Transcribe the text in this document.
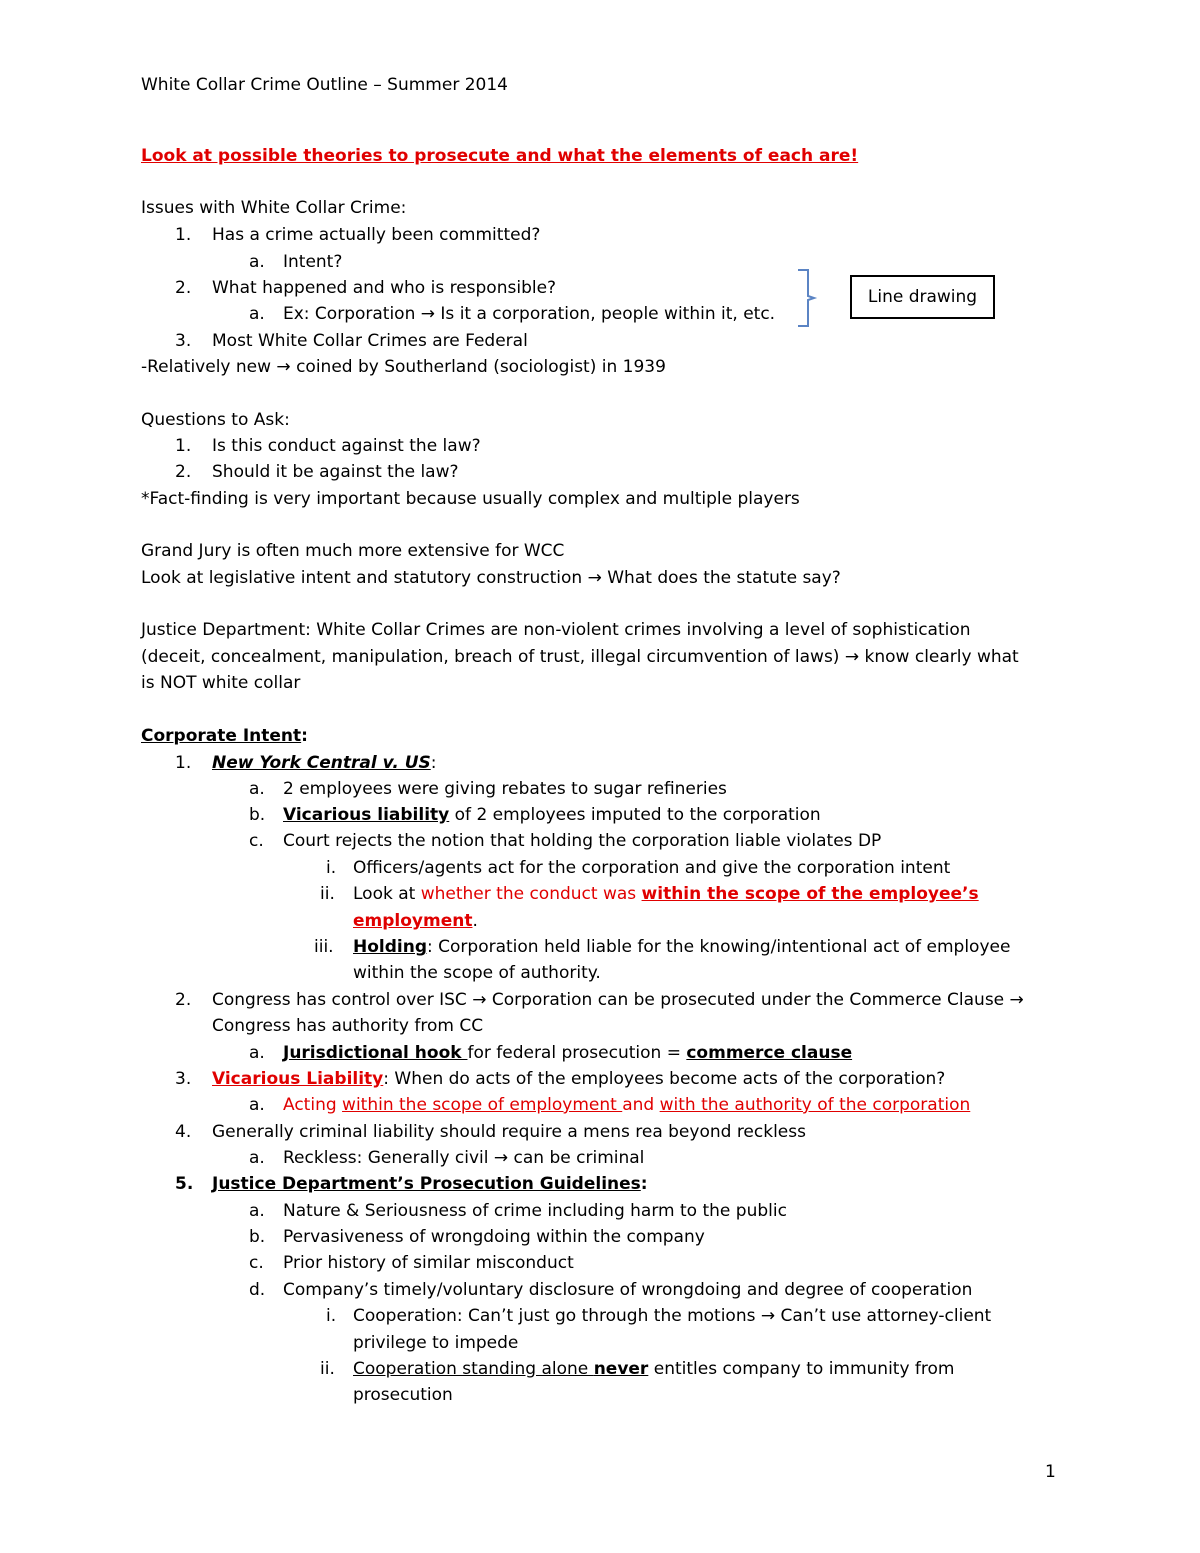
White Collar Crime Outline – Summer 2014
Look at possible theories to prosecute and what the elements of each are!
Issues with White Collar Crime:
1. Has a crime actually been committed?
a. Intent?
2. What happened and who is responsible?
a. Ex: Corporation → Is it a corporation, people within it, etc.
3. Most White Collar Crimes are Federal
-Relatively new → coined by Southerland (sociologist) in 1939
Line drawing
Questions to Ask:
1. Is this conduct against the law?
2. Should it be against the law?
*Fact-finding is very important because usually complex and multiple players
Grand Jury is often much more extensive for WCC
Look at legislative intent and statutory construction → What does the statute say?
Justice Department: White Collar Crimes are non-violent crimes involving a level of sophistication
(deceit, concealment, manipulation, breach of trust, illegal circumvention of laws) → know clearly what
is NOT white collar
Corporate Intent:
1. New York Central v. US:
a. 2 employees were giving rebates to sugar refineries
b. Vicarious liability of 2 employees imputed to the corporation
c. Court rejects the notion that holding the corporation liable violates DP
i. Officers/agents act for the corporation and give the corporation intent
ii. Look at whether the conduct was within the scope of the employee’s
employment.
iii. Holding: Corporation held liable for the knowing/intentional act of employee
within the scope of authority.
2. Congress has control over ISC → Corporation can be prosecuted under the Commerce Clause →
Congress has authority from CC
a. Jurisdictional hook for federal prosecution = commerce clause
3. Vicarious Liability: When do acts of the employees become acts of the corporation?
a. Acting within the scope of employment and with the authority of the corporation
4. Generally criminal liability should require a mens rea beyond reckless
a. Reckless: Generally civil → can be criminal
5. Justice Department’s Prosecution Guidelines:
a. Nature & Seriousness of crime including harm to the public
b. Pervasiveness of wrongdoing within the company
c. Prior history of similar misconduct
d. Company’s timely/voluntary disclosure of wrongdoing and degree of cooperation
i. Cooperation: Can’t just go through the motions → Can’t use attorney-client
privilege to impede
ii. Cooperation standing alone never entitles company to immunity from
prosecution
1
